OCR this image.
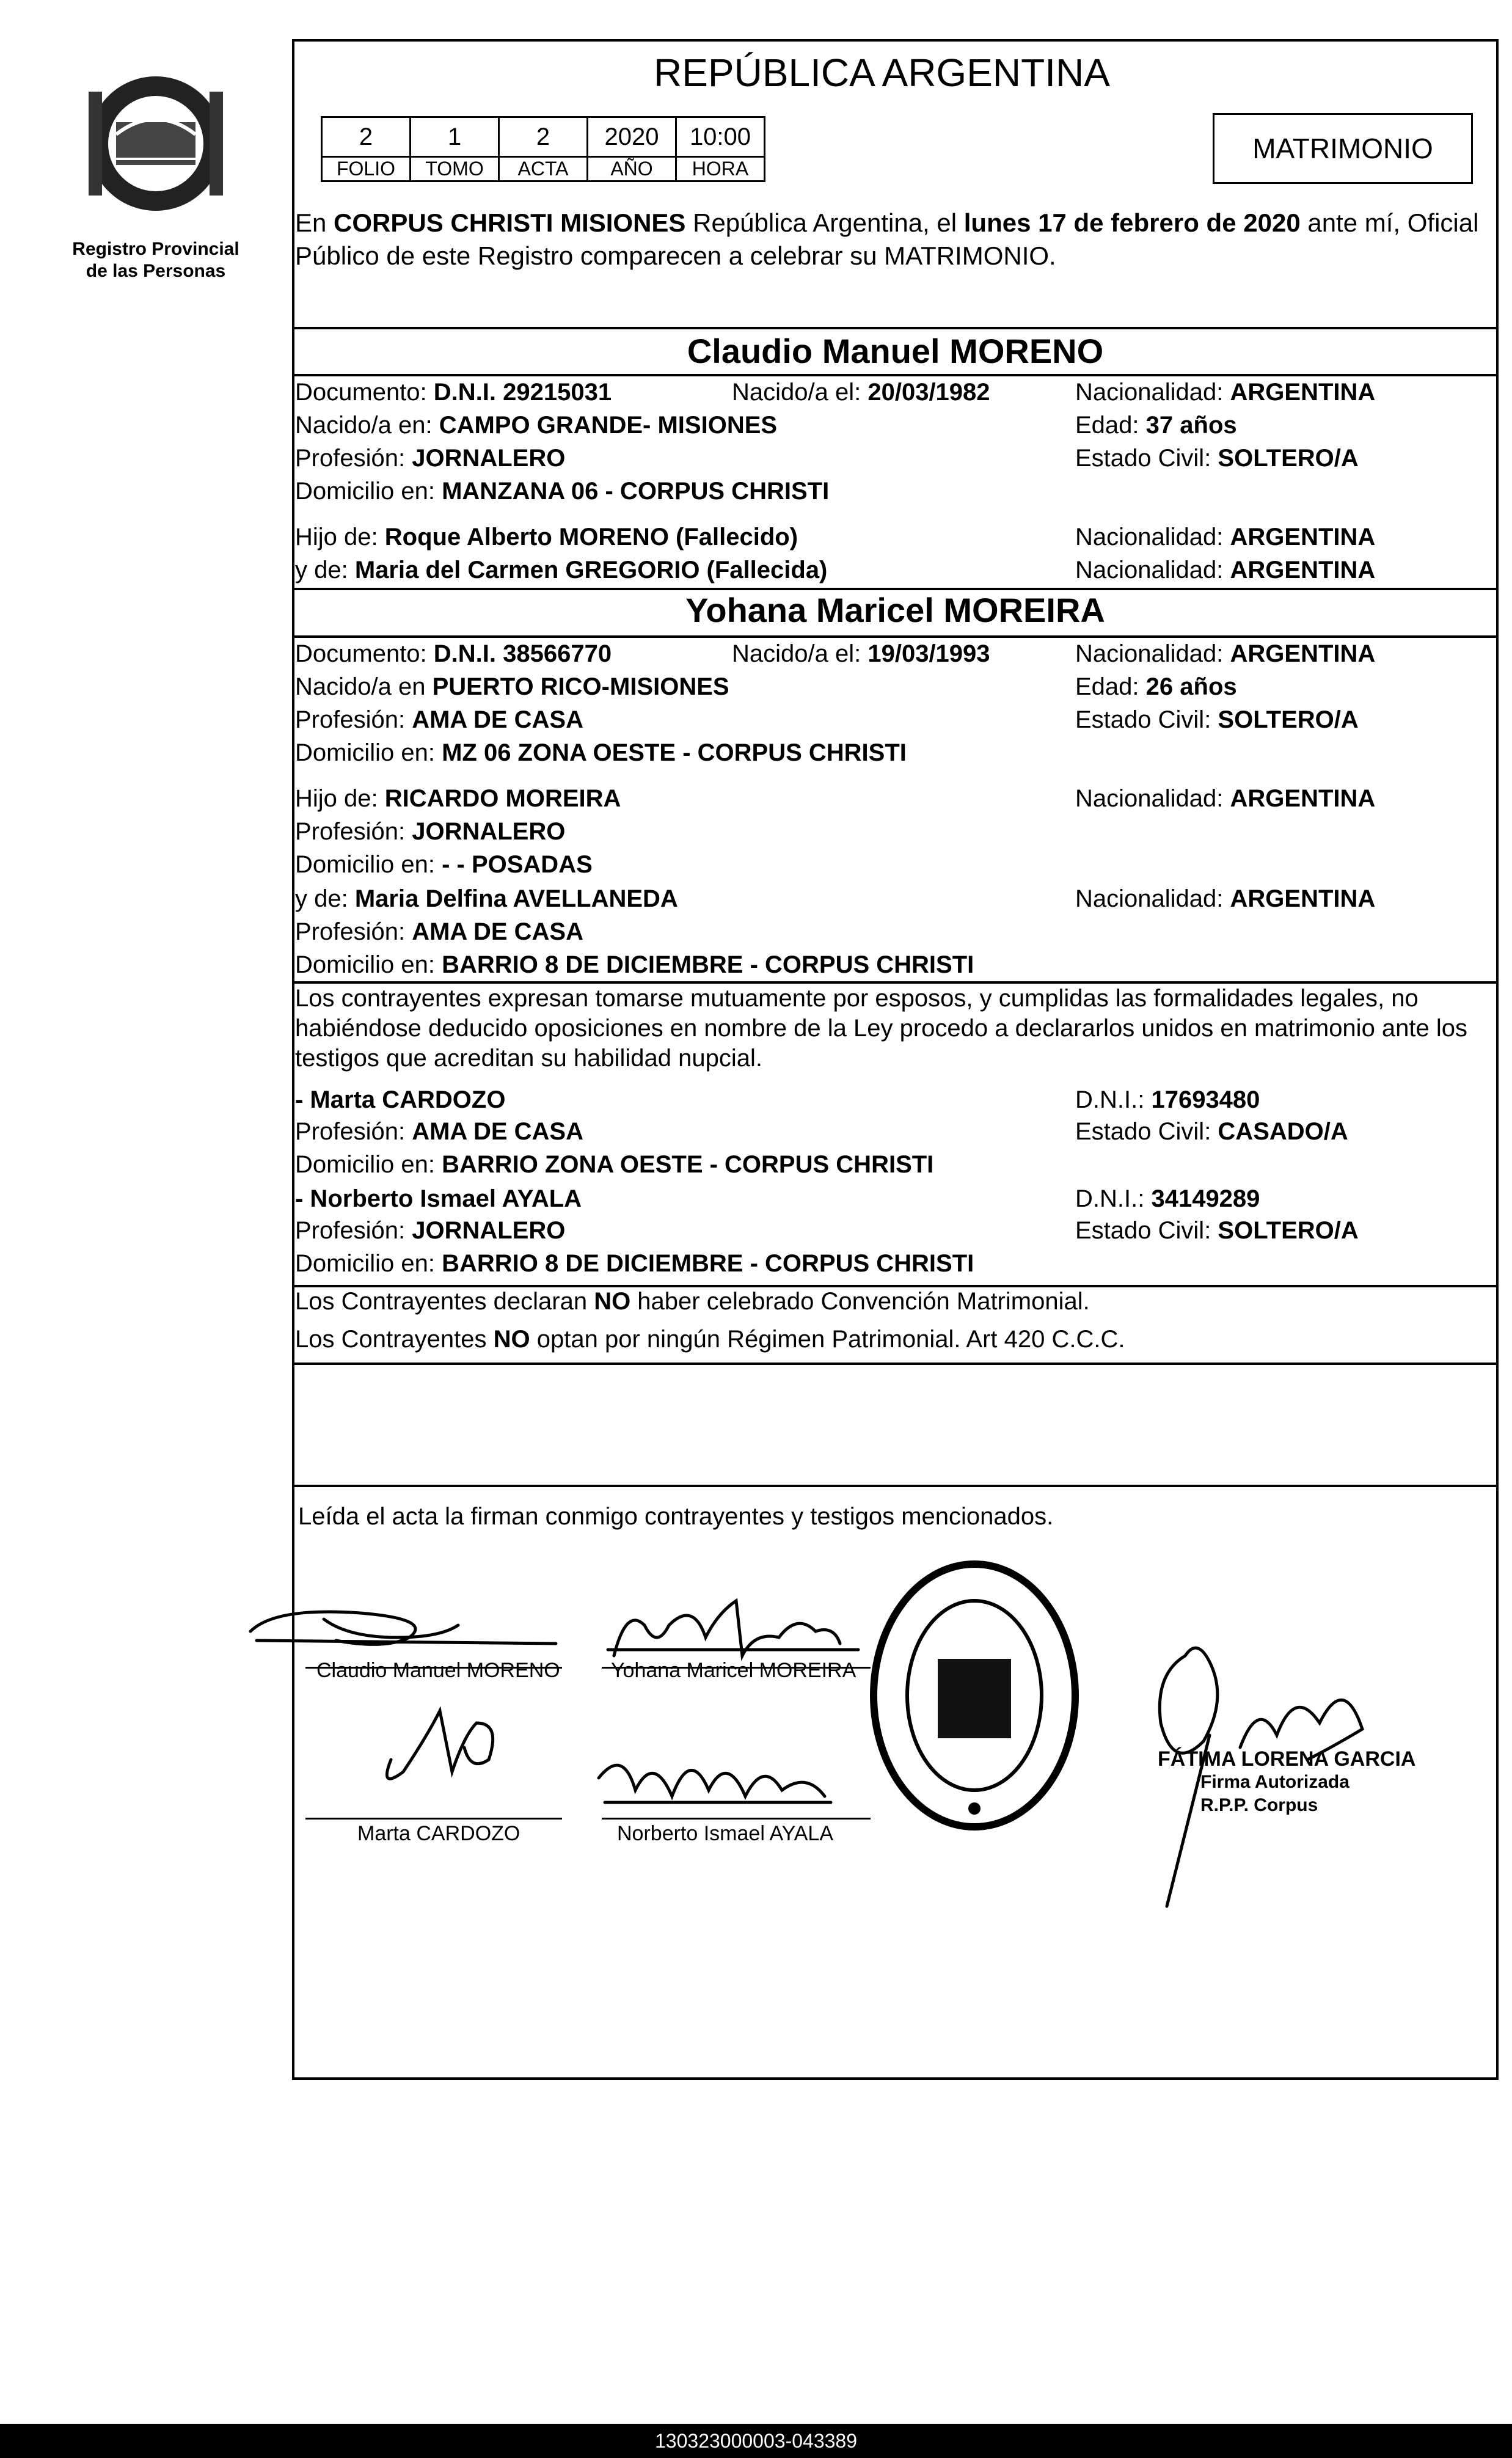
Registro Provincial
de las Personas
REPÚBLICA ARGENTINA
2	1	2	2020	10:00
FOLIO	TOMO	ACTA	AÑO	HORA
MATRIMONIO
En CORPUS CHRISTI MISIONES República Argentina, el lunes 17 de febrero de 2020 ante mí, Oficial Público de este Registro comparecen a celebrar su MATRIMONIO.
Claudio Manuel MORENO
Documento: D.N.I. 29215031	Nacido/a el: 20/03/1982	Nacionalidad: ARGENTINA
Nacido/a en: CAMPO GRANDE- MISIONES	Edad: 37 años
Profesión: JORNALERO	Estado Civil: SOLTERO/A
Domicilio en: MANZANA 06 - CORPUS CHRISTI
Hijo de: Roque Alberto MORENO (Fallecido)	Nacionalidad: ARGENTINA
y de: Maria del Carmen GREGORIO (Fallecida)	Nacionalidad: ARGENTINA
Yohana Maricel MOREIRA
Documento: D.N.I. 38566770	Nacido/a el: 19/03/1993	Nacionalidad: ARGENTINA
Nacido/a en PUERTO RICO-MISIONES	Edad: 26 años
Profesión: AMA DE CASA	Estado Civil: SOLTERO/A
Domicilio en: MZ 06 ZONA OESTE - CORPUS CHRISTI
Hijo de: RICARDO MOREIRA	Nacionalidad: ARGENTINA
Profesión: JORNALERO
Domicilio en: - - POSADAS
y de: Maria Delfina AVELLANEDA	Nacionalidad: ARGENTINA
Profesión: AMA DE CASA
Domicilio en: BARRIO 8 DE DICIEMBRE - CORPUS CHRISTI
Los contrayentes expresan tomarse mutuamente por esposos, y cumplidas las formalidades legales, no habiéndose deducido oposiciones en nombre de la Ley procedo a declararlos unidos en matrimonio ante los testigos que acreditan su habilidad nupcial.
- Marta CARDOZO	D.N.I.: 17693480
Profesión: AMA DE CASA	Estado Civil: CASADO/A
Domicilio en: BARRIO ZONA OESTE - CORPUS CHRISTI
- Norberto Ismael AYALA	D.N.I.: 34149289
Profesión: JORNALERO	Estado Civil: SOLTERO/A
Domicilio en: BARRIO 8 DE DICIEMBRE - CORPUS CHRISTI
Los Contrayentes declaran NO haber celebrado Convención Matrimonial.
Los Contrayentes NO optan por ningún Régimen Patrimonial. Art 420 C.C.C.
Leída el acta la firman conmigo contrayentes y testigos mencionados.
Claudio Manuel MORENO Yohana Maricel MOREIRA
Marta CARDOZO	Norberto Ismael AYALA
FÁTIMA LORENA GARCIA
Firma Autorizada
R.P.P. Corpus
130323000003-043389
